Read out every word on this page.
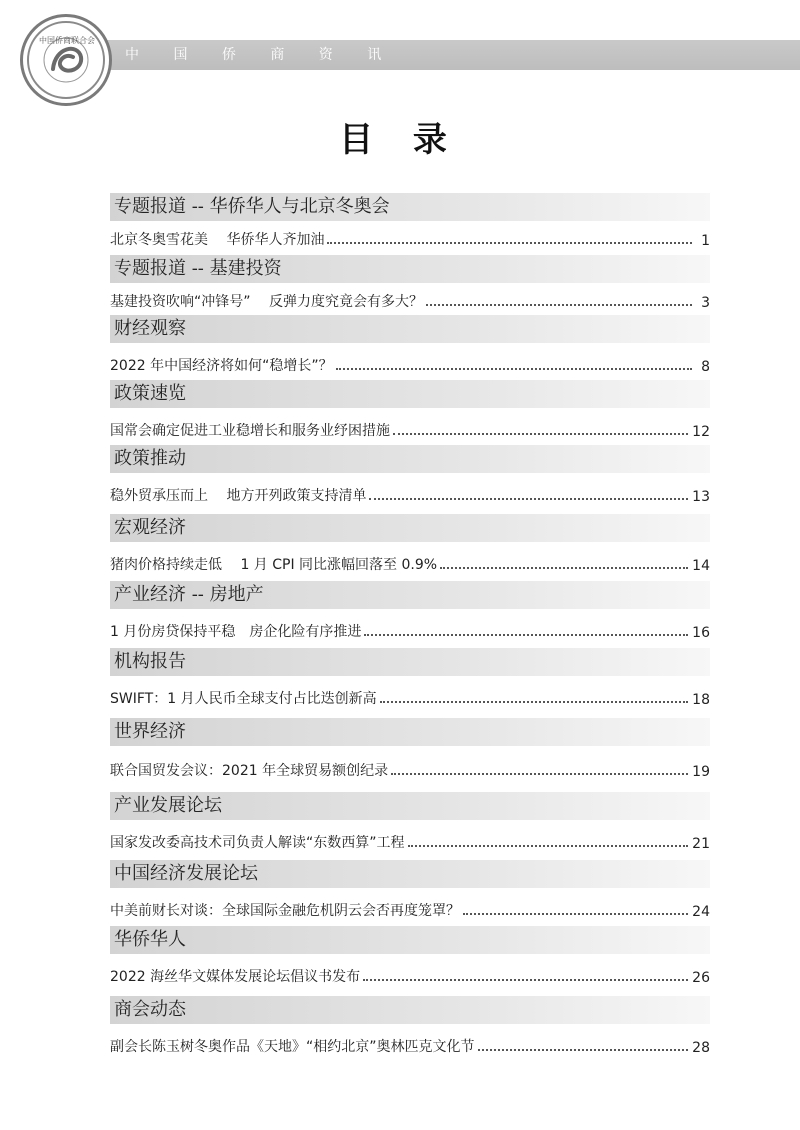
中 国 侨 商 资 讯
中国侨商联合会
目 录
专题报道 -- 华侨华人与北京冬奥会
北京冬奥雪花美　 华侨华人齐加油	1
专题报道 -- 基建投资
基建投资吹响“冲锋号”　 反弹力度究竟会有多大？	3
财经观察
2022 年中国经济将如何“稳增长”？	8
政策速览
国常会确定促进工业稳增长和服务业纾困措施	12
政策推动
稳外贸承压而上　 地方开列政策支持清单	13
宏观经济
猪肉价格持续走低　 1 月 CPI 同比涨幅回落至 0.9%	14
产业经济 -- 房地产
1 月份房贷保持平稳　房企化险有序推进	16
机构报告
SWIFT：1 月人民币全球支付占比迭创新高	18
世界经济
联合国贸发会议：2021 年全球贸易额创纪录	19
产业发展论坛
国家发改委高技术司负责人解读“东数西算”工程	21
中国经济发展论坛
中美前财长对谈：全球国际金融危机阴云会否再度笼罩？	24
华侨华人
2022 海丝华文媒体发展论坛倡议书发布	26
商会动态
副会长陈玉树冬奥作品《天地》“相约北京”奥林匹克文化节	28
